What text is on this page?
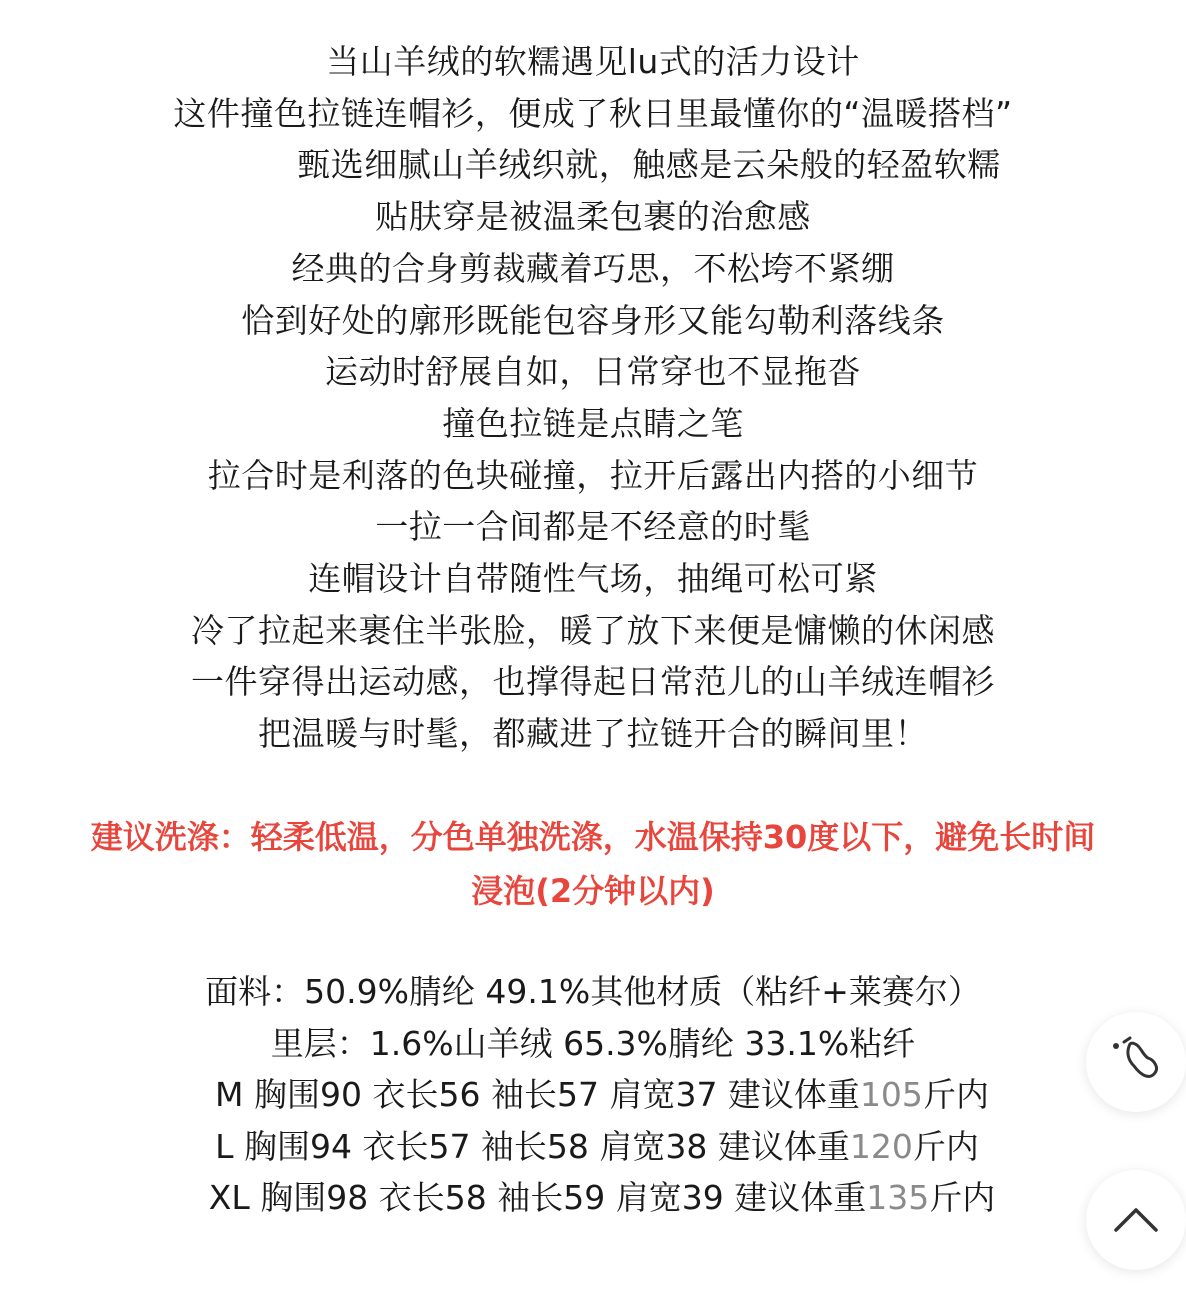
当山羊绒的软糯遇见lu式的活力设计
这件撞色拉链连帽衫，便成了秋日里最懂你的“温暖搭档”
甄选细腻山羊绒织就，触感是云朵般的轻盈软糯
贴肤穿是被温柔包裹的治愈感
经典的合身剪裁藏着巧思，不松垮不紧绷
恰到好处的廓形既能包容身形又能勾勒利落线条
运动时舒展自如，日常穿也不显拖沓
撞色拉链是点睛之笔
拉合时是利落的色块碰撞，拉开后露出内搭的小细节
一拉一合间都是不经意的时髦
连帽设计自带随性气场，抽绳可松可紧
冷了拉起来裹住半张脸，暖了放下来便是慵懒的休闲感
一件穿得出运动感，也撑得起日常范儿的山羊绒连帽衫
把温暖与时髦，都藏进了拉链开合的瞬间里！
建议洗涤：轻柔低温，分色单独洗涤，水温保持30度以下，避免长时间
浸泡(2分钟以内)
面料：50.9%腈纶 49.1%其他材质（粘纤+莱赛尔）
里层：1.6%山羊绒 65.3%腈纶 33.1%粘纤
M 胸围90 衣长56 袖长57 肩宽37 建议体重105斤内
L 胸围94 衣长57 袖长58 肩宽38 建议体重120斤内
XL 胸围98 衣长58 袖长59 肩宽39 建议体重135斤内
